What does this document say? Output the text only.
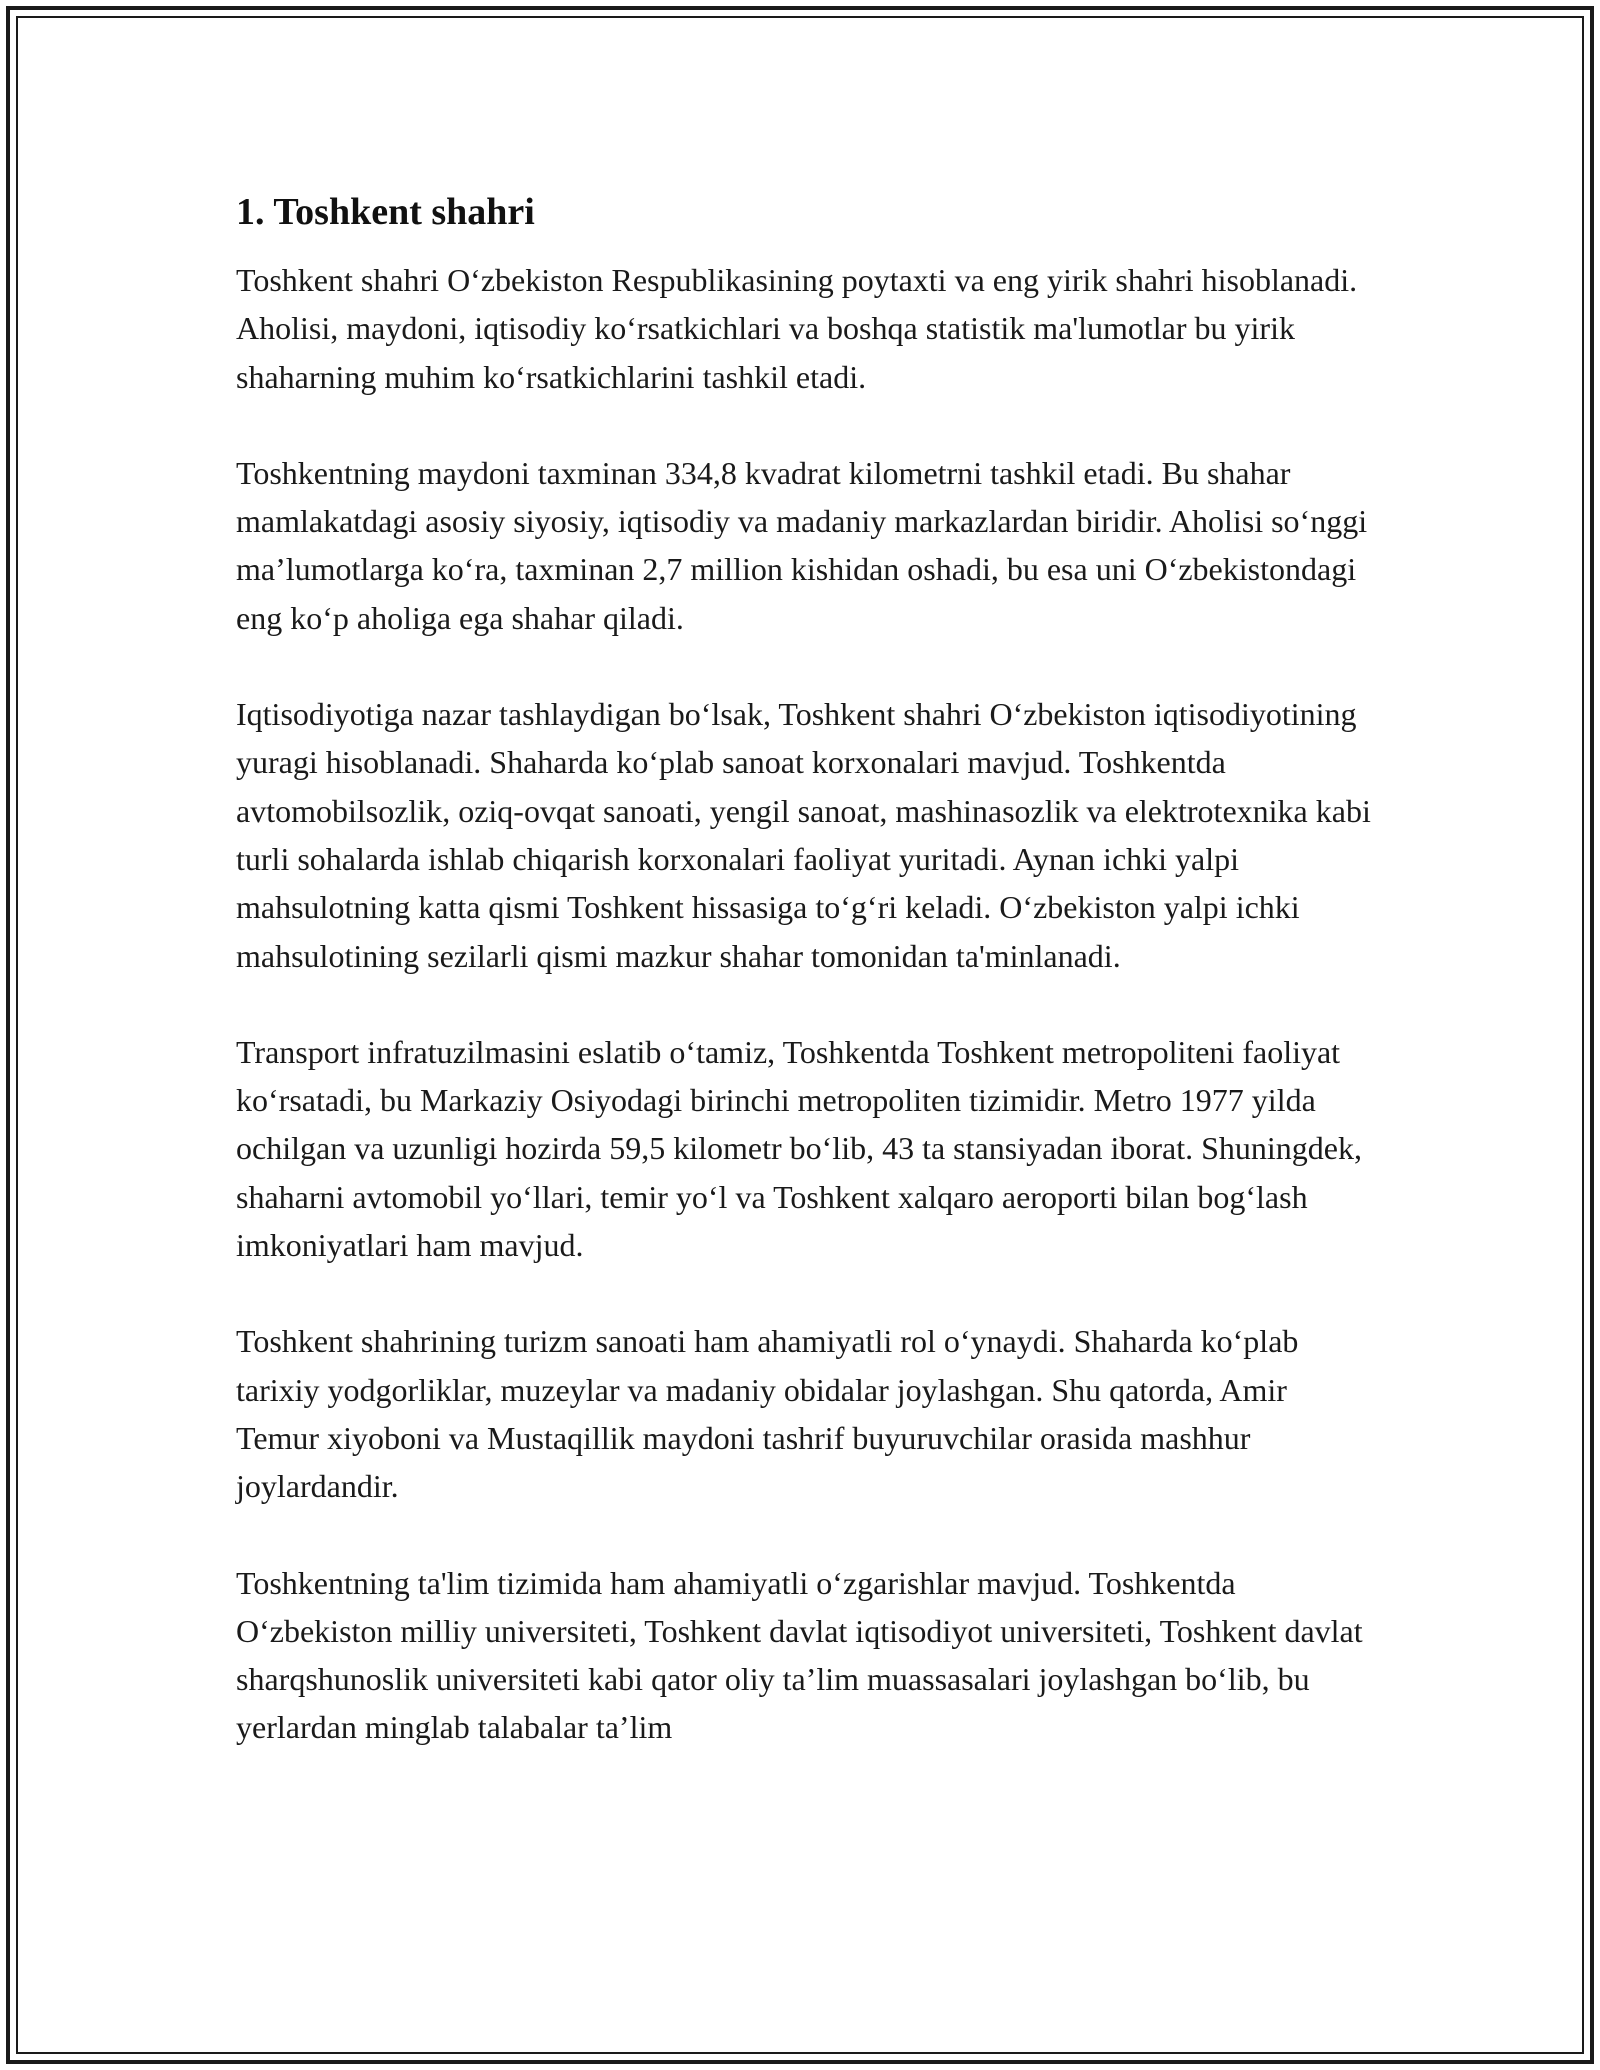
1. Toshkent shahri

Toshkent shahri O‘zbekiston Respublikasining poytaxti va eng yirik shahri hisoblanadi. Aholisi, maydoni, iqtisodiy ko‘rsatkichlari va boshqa statistik ma'lumotlar bu yirik shaharning muhim ko‘rsatkichlarini tashkil etadi.

Toshkentning maydoni taxminan 334,8 kvadrat kilometrni tashkil etadi. Bu shahar mamlakatdagi asosiy siyosiy, iqtisodiy va madaniy markazlardan biridir. Aholisi so‘nggi ma’lumotlarga ko‘ra, taxminan 2,7 million kishidan oshadi, bu esa uni O‘zbekistondagi eng ko‘p aholiga ega shahar qiladi.

Iqtisodiyotiga nazar tashlaydigan bo‘lsak, Toshkent shahri O‘zbekiston iqtisodiyotining yuragi hisoblanadi. Shaharda ko‘plab sanoat korxonalari mavjud. Toshkentda avtomobilsozlik, oziq-ovqat sanoati, yengil sanoat, mashinasozlik va elektrotexnika kabi turli sohalarda ishlab chiqarish korxonalari faoliyat yuritadi. Aynan ichki yalpi mahsulotning katta qismi Toshkent hissasiga to‘g‘ri keladi. O‘zbekiston yalpi ichki mahsulotining sezilarli qismi mazkur shahar tomonidan ta'minlanadi.

Transport infratuzilmasini eslatib o‘tamiz, Toshkentda Toshkent metropoliteni faoliyat ko‘rsatadi, bu Markaziy Osiyodagi birinchi metropoliten tizimidir. Metro 1977 yilda ochilgan va uzunligi hozirda 59,5 kilometr bo‘lib, 43 ta stansiyadan iborat. Shuningdek, shaharni avtomobil yo‘llari, temir yo‘l va Toshkent xalqaro aeroporti bilan bog‘lash imkoniyatlari ham mavjud.

Toshkent shahrining turizm sanoati ham ahamiyatli rol o‘ynaydi. Shaharda ko‘plab tarixiy yodgorliklar, muzeylar va madaniy obidalar joylashgan. Shu qatorda, Amir Temur xiyoboni va Mustaqillik maydoni tashrif buyuruvchilar orasida mashhur joylardandir.

Toshkentning ta'lim tizimida ham ahamiyatli o‘zgarishlar mavjud. Toshkentda O‘zbekiston milliy universiteti, Toshkent davlat iqtisodiyot universiteti, Toshkent davlat sharqshunoslik universiteti kabi qator oliy ta’lim muassasalari joylashgan bo‘lib, bu yerlardan minglab talabalar ta’lim
